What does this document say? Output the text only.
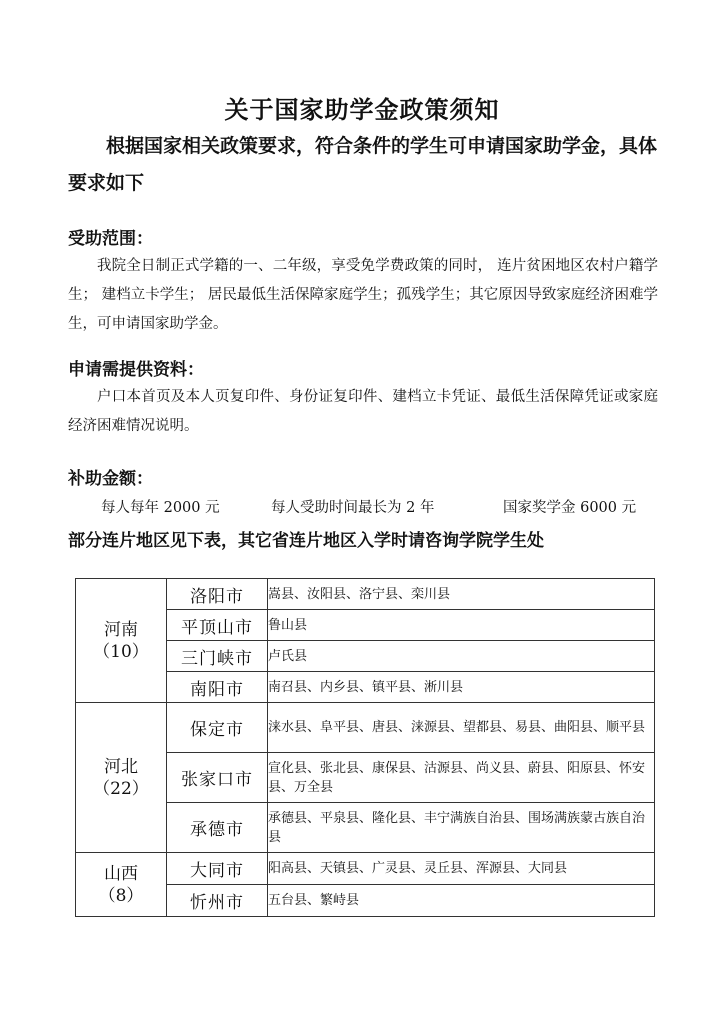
关于国家助学金政策须知
根据国家相关政策要求，符合条件的学生可申请国家助学金，具体要求如下
受助范围：
我院全日制正式学籍的一、二年级，享受免学费政策的同时， 连片贫困地区农村户籍学生； 建档立卡学生； 居民最低生活保障家庭学生；孤残学生；其它原因导致家庭经济困难学生，可申请国家助学金。
申请需提供资料：
户口本首页及本人页复印件、身份证复印件、建档立卡凭证、最低生活保障凭证或家庭经济困难情况说明。
补助金额：
每人每年 2000 元	每人受助时间最长为 2 年	国家奖学金 6000 元
部分连片地区见下表，其它省连片地区入学时请咨询学院学生处
河南
（10）	洛阳市	嵩县、汝阳县、洛宁县、栾川县
	平顶山市	鲁山县
	三门峡市	卢氏县
	南阳市	南召县、内乡县、镇平县、淅川县

河北
（22）	保定市	涞水县、阜平县、唐县、涞源县、望都县、易县、曲阳县、顺平县
	张家口市	宣化县、张北县、康保县、沽源县、尚义县、蔚县、阳原县、怀安县、万全县
	承德市	承德县、平泉县、隆化县、丰宁满族自治县、围场满族蒙古族自治县

山西
（8）	大同市	阳高县、天镇县、广灵县、灵丘县、浑源县、大同县
	忻州市	五台县、繁峙县
